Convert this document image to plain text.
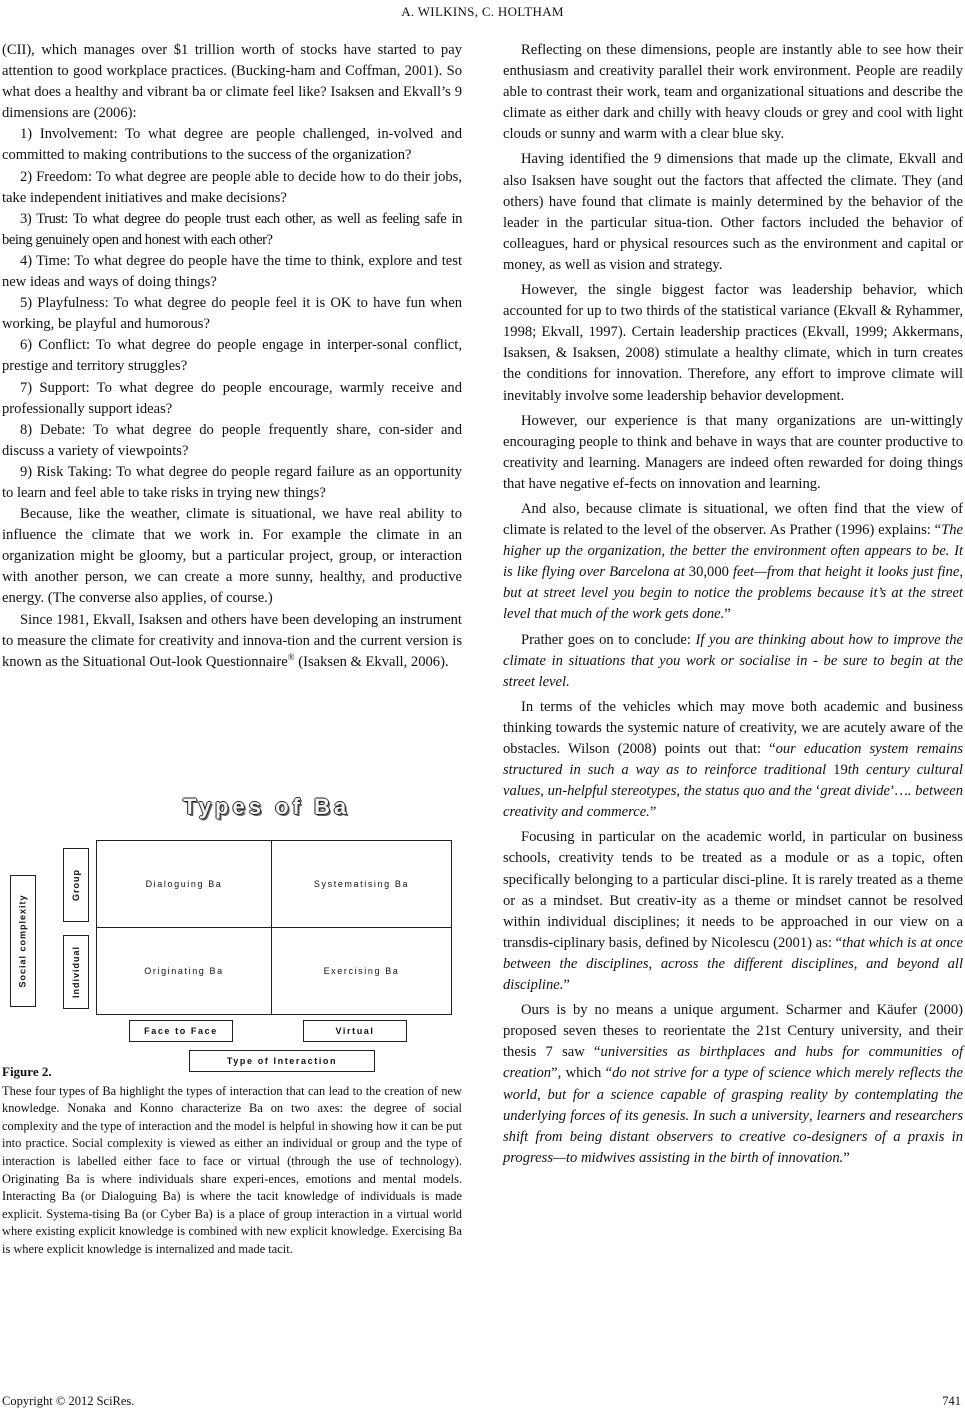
A. WILKINS, C. HOLTHAM

(CII), which manages over $1 trillion worth of stocks have started to pay attention to good workplace practices. (Bucking-ham and Coffman, 2001). So what does a healthy and vibrant ba or climate feel like? Isaksen and Ekvall’s 9 dimensions are (2006):

1) Involvement: To what degree are people challenged, in-volved and committed to making contributions to the success of the organization?

2) Freedom: To what degree are people able to decide how to do their jobs, take independent initiatives and make decisions?

3) Trust: To what degree do people trust each other, as well as feeling safe in being genuinely open and honest with each other?

4) Time: To what degree do people have the time to think, explore and test new ideas and ways of doing things?

5) Playfulness: To what degree do people feel it is OK to have fun when working, be playful and humorous?

6) Conflict: To what degree do people engage in interper-sonal conflict, prestige and territory struggles?

7) Support: To what degree do people encourage, warmly receive and professionally support ideas?

8) Debate: To what degree do people frequently share, con-sider and discuss a variety of viewpoints?

9) Risk Taking: To what degree do people regard failure as an opportunity to learn and feel able to take risks in trying new things?

Because, like the weather, climate is situational, we have real ability to influence the climate that we work in. For example the climate in an organization might be gloomy, but a particular project, group, or interaction with another person, we can create a more sunny, healthy, and productive energy. (The converse also applies, of course.)

Since 1981, Ekvall, Isaksen and others have been developing an instrument to measure the climate for creativity and innova-tion and the current version is known as the Situational Out-look Questionnaire® (Isaksen & Ekvall, 2006).

Types of Ba
Social complexity
Group
Individual
Dialoguing Ba	Systematising Ba
Originating Ba	Exercising Ba
Face to Face	Virtual
Type of Interaction
Figure 2.
These four types of Ba highlight the types of interaction that can lead to the creation of new knowledge. Nonaka and Konno characterize Ba on two axes: the degree of social complexity and the type of interaction and the model is helpful in showing how it can be put into practice. Social complexity is viewed as either an individual or group and the type of interaction is labelled either face to face or virtual (through the use of technology). Originating Ba is where individuals share experi-ences, emotions and mental models. Interacting Ba (or Dialoguing Ba) is where the tacit knowledge of individuals is made explicit. Systema-tising Ba (or Cyber Ba) is a place of group interaction in a virtual world where existing explicit knowledge is combined with new explicit knowledge. Exercising Ba is where explicit knowledge is internalized and made tacit.

Reflecting on these dimensions, people are instantly able to see how their enthusiasm and creativity parallel their work environment. People are readily able to contrast their work, team and organizational situations and describe the climate as either dark and chilly with heavy clouds or grey and cool with light clouds or sunny and warm with a clear blue sky.

Having identified the 9 dimensions that made up the climate, Ekvall and also Isaksen have sought out the factors that affected the climate. They (and others) have found that climate is mainly determined by the behavior of the leader in the particular situa-tion. Other factors included the behavior of colleagues, hard or physical resources such as the environment and capital or money, as well as vision and strategy.

However, the single biggest factor was leadership behavior, which accounted for up to two thirds of the statistical variance (Ekvall & Ryhammer, 1998; Ekvall, 1997). Certain leadership practices (Ekvall, 1999; Akkermans, Isaksen, & Isaksen, 2008) stimulate a healthy climate, which in turn creates the conditions for innovation. Therefore, any effort to improve climate will inevitably involve some leadership behavior development.

However, our experience is that many organizations are un-wittingly encouraging people to think and behave in ways that are counter productive to creativity and learning. Managers are indeed often rewarded for doing things that have negative ef-fects on innovation and learning.

And also, because climate is situational, we often find that the view of climate is related to the level of the observer. As Prather (1996) explains: “The higher up the organization, the better the environment often appears to be. It is like flying over Barcelona at 30,000 feet—from that height it looks just fine, but at street level you begin to notice the problems because it’s at the street level that much of the work gets done.”

Prather goes on to conclude: If you are thinking about how to improve the climate in situations that you work or socialise in - be sure to begin at the street level.

In terms of the vehicles which may move both academic and business thinking towards the systemic nature of creativity, we are acutely aware of the obstacles. Wilson (2008) points out that: “our education system remains structured in such a way as to reinforce traditional 19th century cultural values, un-helpful stereotypes, the status quo and the ‘great divide’…. between creativity and commerce.”

Focusing in particular on the academic world, in particular on business schools, creativity tends to be treated as a module or as a topic, often specifically belonging to a particular disci-pline. It is rarely treated as a theme or as a mindset. But creativ-ity as a theme or mindset cannot be resolved within individual disciplines; it needs to be approached in our view on a transdis-ciplinary basis, defined by Nicolescu (2001) as: “that which is at once between the disciplines, across the different disciplines, and beyond all discipline.”

Ours is by no means a unique argument. Scharmer and Käufer (2000) proposed seven theses to reorientate the 21st Century university, and their thesis 7 saw “universities as birthplaces and hubs for communities of creation”, which “do not strive for a type of science which merely reflects the world, but for a science capable of grasping reality by contemplating the underlying forces of its genesis. In such a university, learners and researchers shift from being distant observers to creative co-designers of a praxis in progress—to midwives assisting in the birth of innovation.”

Copyright © 2012 SciRes.	741
